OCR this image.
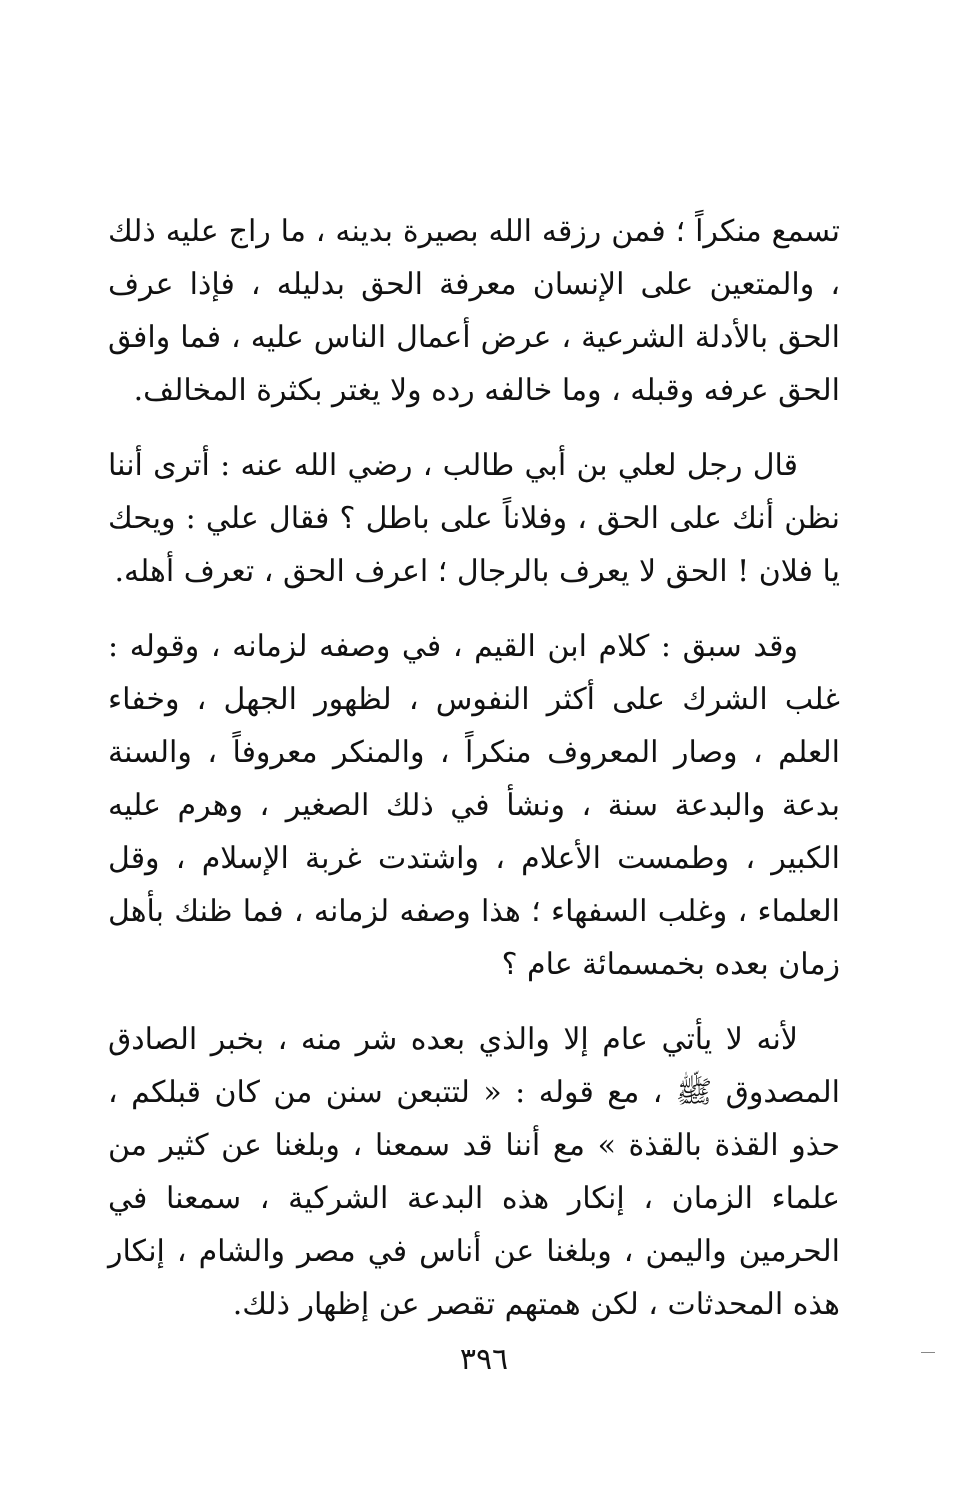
تسمع منكراً ؛ فمن رزقه الله بصيرة بدينه ، ما راج عليه ذلك ، والمتعين على الإنسان معرفة الحق بدليله ، فإذا عرف الحق بالأدلة الشرعية ، عرض أعمال الناس عليه ، فما وافق الحق عرفه وقبله ، وما خالفه رده ولا يغتر بكثرة المخالف.

قال رجل لعلي بن أبي طالب ، رضي الله عنه : أترى أننا نظن أنك على الحق ، وفلاناً على باطل ؟ فقال علي : ويحك يا فلان ! الحق لا يعرف بالرجال ؛ اعرف الحق ، تعرف أهله.

وقد سبق : كلام ابن القيم ، في وصفه لزمانه ، وقوله : غلب الشرك على أكثر النفوس ، لظهور الجهل ، وخفاء العلم ، وصار المعروف منكراً ، والمنكر معروفاً ، والسنة بدعة والبدعة سنة ، ونشأ في ذلك الصغير ، وهرم عليه الكبير ، وطمست الأعلام ، واشتدت غربة الإسلام ، وقل العلماء ، وغلب السفهاء ؛ هذا وصفه لزمانه ، فما ظنك بأهل زمان بعده بخمسمائة عام ؟

لأنه لا يأتي عام إلا والذي بعده شر منه ، بخبر الصادق المصدوق ﷺ ، مع قوله : « لتتبعن سنن من كان قبلكم ، حذو القذة بالقذة » مع أننا قد سمعنا ، وبلغنا عن كثير من علماء الزمان ، إنكار هذه البدعة الشركية ، سمعنا في الحرمين واليمن ، وبلغنا عن أناس في مصر والشام ، إنكار هذه المحدثات ، لكن همتهم تقصر عن إظهار ذلك.

٣٩٦
